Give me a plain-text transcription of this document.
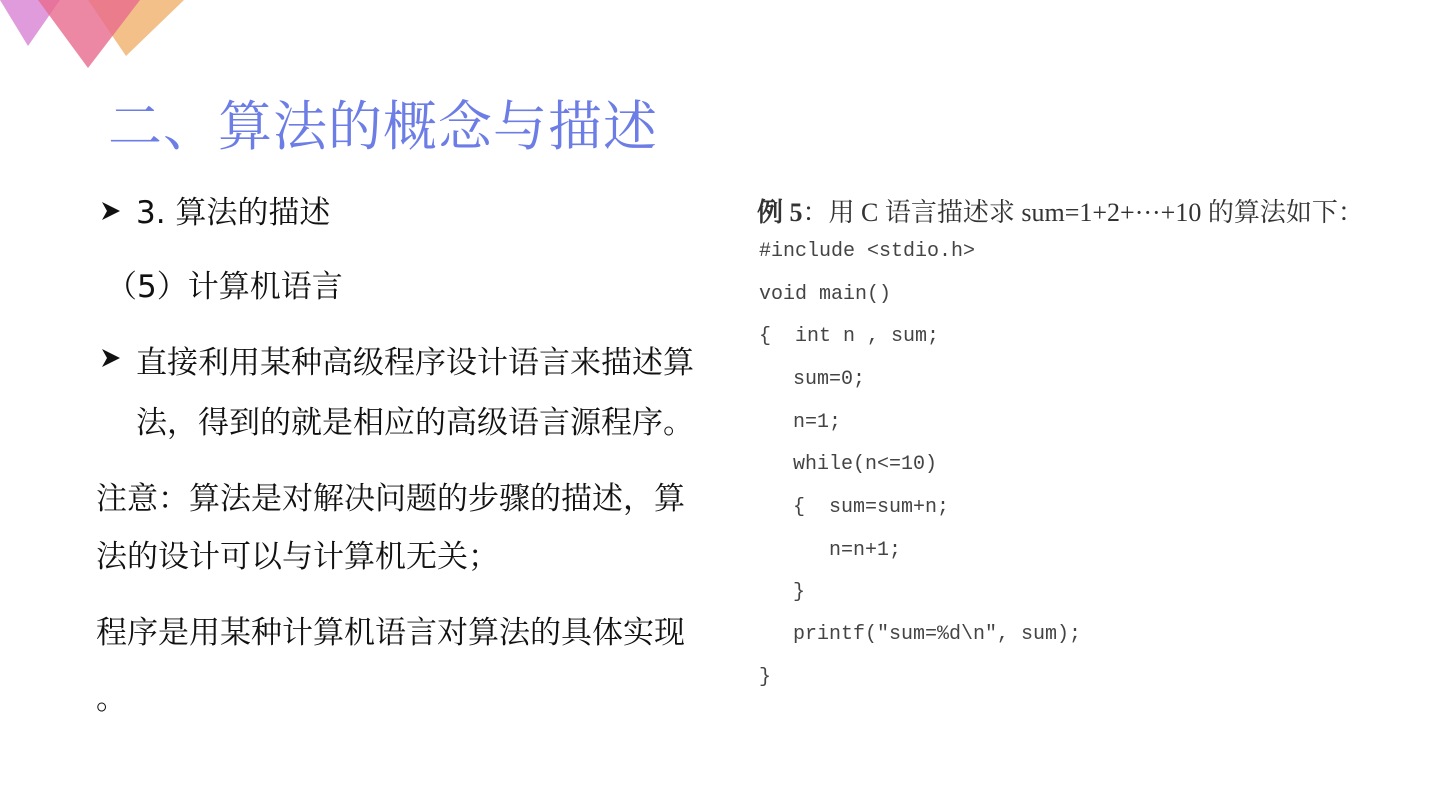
二、算法的概念与描述
3. 算法的描述
（5）计算机语言
直接利用某种高级程序设计语言来描述算
法，得到的就是相应的高级语言源程序。
注意：算法是对解决问题的步骤的描述，算
法的设计可以与计算机无关；
程序是用某种计算机语言对算法的具体实现
。
例 5：用 C 语言描述求 sum=1+2+···+10 的算法如下：
#include <stdio.h>
void main()
{  int n , sum;
sum=0;
n=1;
while(n<=10)
{  sum=sum+n;
n=n+1;
}
printf("sum=%d\n", sum);
}
